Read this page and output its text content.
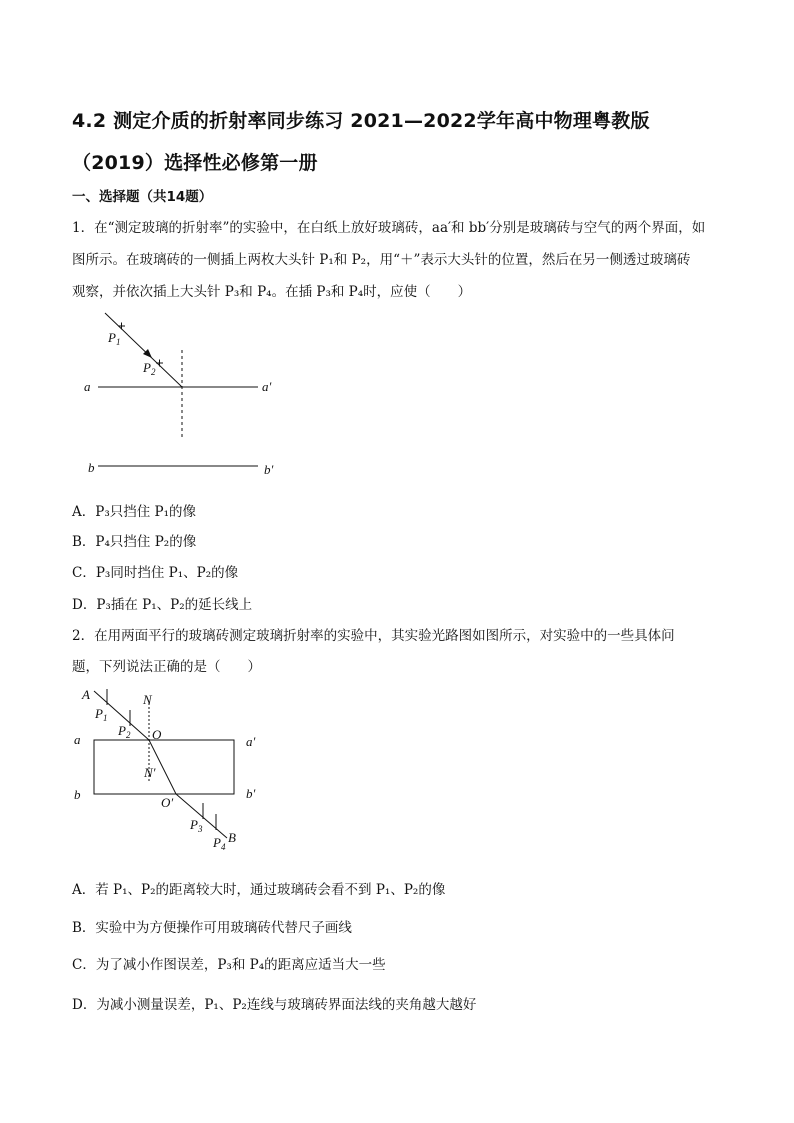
4.2 测定介质的折射率同步练习 2021—2022学年高中物理粤教版
（2019）选择性必修第一册
一、选择题（共14题）
1．在“测定玻璃的折射率”的实验中，在白纸上放好玻璃砖，aa′和 bb′分别是玻璃砖与空气的两个界面，如
图所示。在玻璃砖的一侧插上两枚大头针 P₁和 P₂，用“＋”表示大头针的位置，然后在另一侧透过玻璃砖
观察，并依次插上大头针 P₃和 P₄。在插 P₃和 P₄时，应使（　　）
$P_1$
$P_2$
a	a′
b	b′
A．P₃只挡住 P₁的像
B．P₄只挡住 P₂的像
C．P₃同时挡住 P₁、P₂的像
D．P₃插在 P₁、P₂的延长线上
2．在用两面平行的玻璃砖测定玻璃折射率的实验中，其实验光路图如图所示，对实验中的一些具体问
题，下列说法正确的是（　　）
A	N
$P_1$
$P_2$ O
a	a′
N′
b	b′
O′
$P_3$
B
$P_4$
A．若 P₁、P₂的距离较大时，通过玻璃砖会看不到 P₁、P₂的像
B．实验中为方便操作可用玻璃砖代替尺子画线
C．为了减小作图误差，P₃和 P₄的距离应适当大一些
D．为减小测量误差，P₁、P₂连线与玻璃砖界面法线的夹角越大越好
